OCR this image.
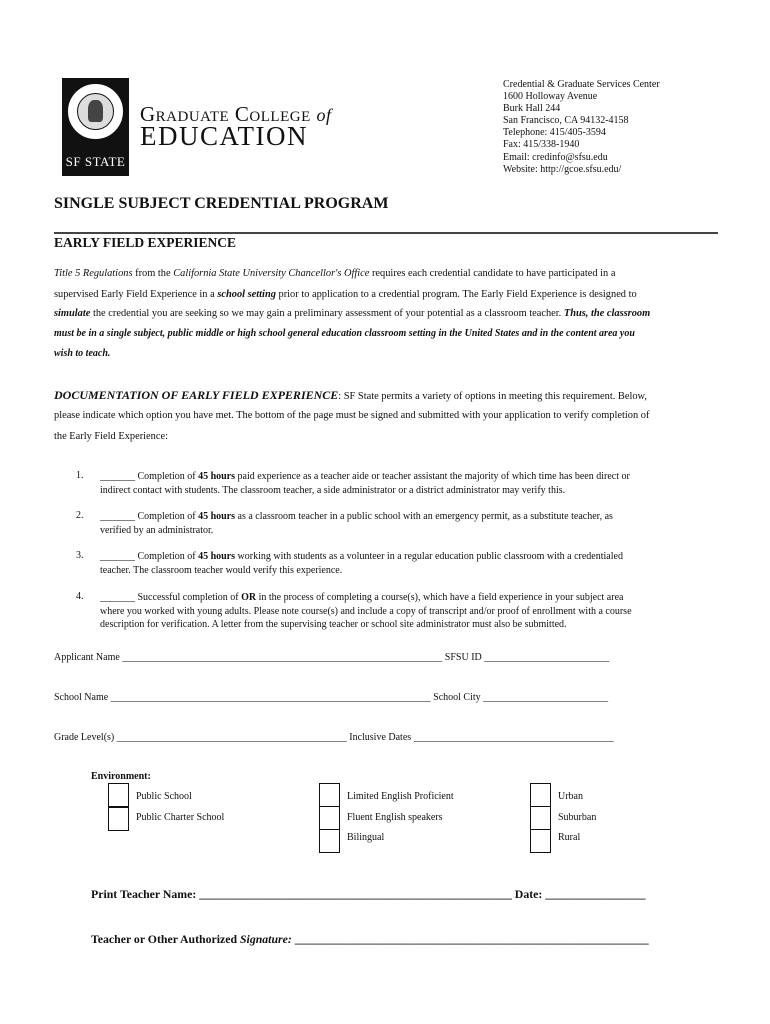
SF STATE
Graduate College of
EDUCATION
Credential & Graduate Services Center
1600 Holloway Avenue
Burk Hall 244
San Francisco, CA 94132-4158
Telephone: 415/405-3594
Fax: 415/338-1940
Email: credinfo@sfsu.edu
Website: http://gcoe.sfsu.edu/
SINGLE SUBJECT CREDENTIAL PROGRAM
EARLY FIELD EXPERIENCE
Title 5 Regulations from the California State University Chancellor's Office requires each credential candidate to have participated in a
supervised Early Field Experience in a school setting prior to application to a credential program. The Early Field Experience is designed to
simulate the credential you are seeking so we may gain a preliminary assessment of your potential as a classroom teacher. Thus, the classroom
must be in a single subject, public middle or high school general education classroom setting in the United States and in the content area you
wish to teach.
DOCUMENTATION OF EARLY FIELD EXPERIENCE: SF State permits a variety of options in meeting this requirement. Below,
please indicate which option you have met. The bottom of the page must be signed and submitted with your application to verify completion of
the Early Field Experience:
1. _______ Completion of 45 hours paid experience as a teacher aide or teacher assistant the majority of which time has been direct or
indirect contact with students. The classroom teacher, a side administrator or a district administrator may verify this.
2. _______ Completion of 45 hours as a classroom teacher in a public school with an emergency permit, as a substitute teacher, as
verified by an administrator.
3. _______ Completion of 45 hours working with students as a volunteer in a regular education public classroom with a credentialed
teacher. The classroom teacher would verify this experience.
4. _______ Successful completion of OR in the process of completing a course(s), which have a field experience in your subject area
where you worked with young adults. Please note course(s) and include a copy of transcript and/or proof of enrollment with a course
description for verification. A letter from the supervising teacher or school site administrator must also be submitted.
Applicant Name ________________________________________________________________ SFSU ID _________________________
School Name ________________________________________________________________ School City _________________________
Grade Level(s) ______________________________________________ Inclusive Dates ________________________________________
Environment:
Public School
Public Charter School
Limited English Proficient
Fluent English speakers
Bilingual
Urban
Suburban
Rural
Print Teacher Name: _____________________________________________________ Date: _________________
Teacher or Other Authorized Signature: ____________________________________________________________
